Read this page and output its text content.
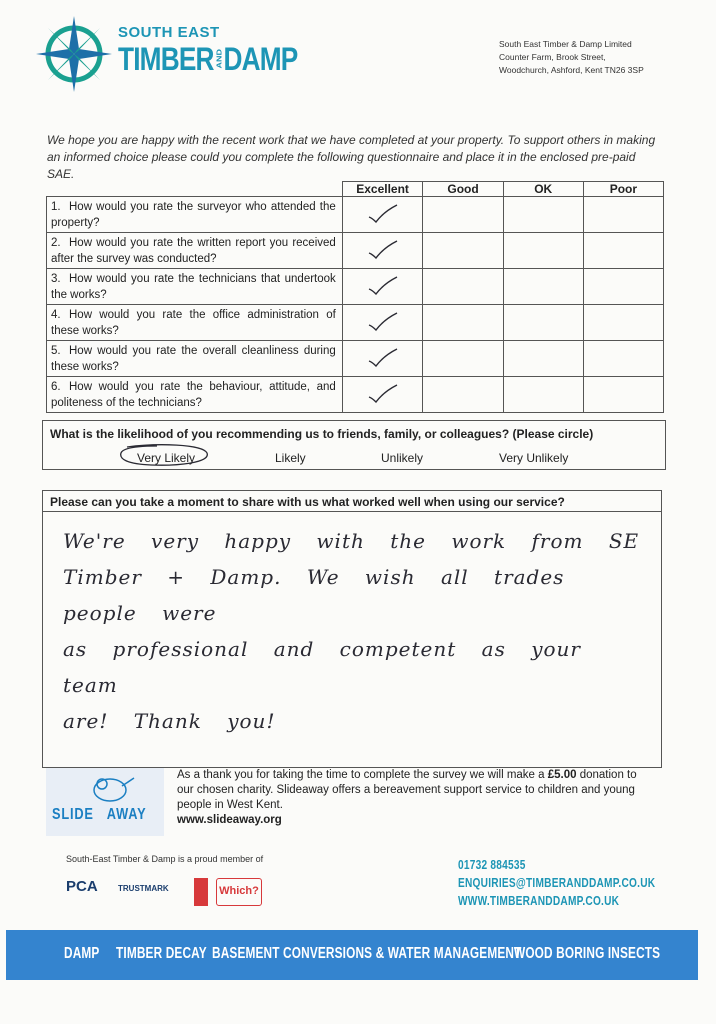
SOUTH EAST
TIMBER AND DAMP	South East Timber & Damp Limited
Counter Farm, Brook Street,
Woodchurch, Ashford, Kent TN26 3SP
We hope you are happy with the recent work that we have completed at your property. To support others in making an informed choice please could you complete the following questionnaire and place it in the enclosed pre-paid SAE.
	Excellent	Good	OK	Poor
1. How would you rate the surveyor who attended the property?	

2. How would you rate the written report you received after the survey was conducted?	

3. How would you rate the technicians that undertook the works?	

4. How would you rate the office administration of these works?	

5. How would you rate the overall cleanliness during these works?	

6. How would you rate the behaviour, attitude, and politeness of the technicians?	

What is the likelihood of you recommending us to friends, family, or colleagues? (Please circle)
Very Likely	Likely	Unlikely	Very Unlikely
Please can you take a moment to share with us what worked well when using our service?
We're very happy with the work from SE
Timber + Damp. We wish all trades people were
as professional and competent as your team
are! Thank you!
SLIDE AWAY
As a thank you for taking the time to complete the survey we will make a £5.00 donation to our chosen charity. Slideaway offers a bereavement support service to children and young people in West Kent.
www.slideaway.org
South-East Timber & Damp is a proud member of
PCA	TRUSTMARK	Which?
01732 884535
ENQUIRIES@TIMBERANDDAMP.CO.UK
WWW.TIMBERANDDAMP.CO.UK
DAMP TIMBER DECAY BASEMENT CONVERSIONS & WATER MANAGEMENT
WOOD BORING INSECTS
